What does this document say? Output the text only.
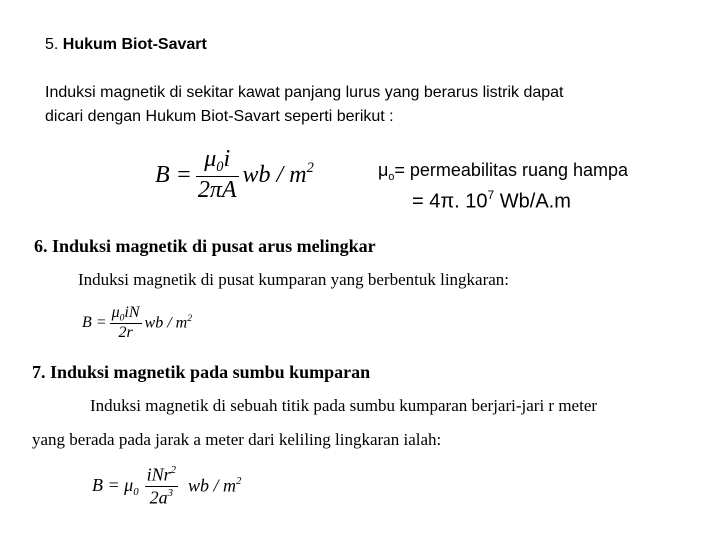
5. Hukum Biot-Savart
Induksi magnetik di sekitar kawat panjang lurus yang berarus listrik dapat
dicari dengan Hukum Biot-Savart seperti berikut :
$B = \frac{\mu_0i}{2\pi A}$ wb / $m^2$	$\mu_o=$ permeabilitas ruang hampa
= 4π. $10^7$ Wb/A.m
6. Induksi magnetik di pusat arus melingkar
Induksi magnetik di pusat kumparan yang berbentuk lingkaran:
$B = \frac{\mu_0iN}{2r}$ wb / $m^2$
7. Induksi magnetik pada sumbu kumparan
Induksi magnetik di sebuah titik pada sumbu kumparan berjari-jari r meter
yang berada pada jarak a meter dari keliling lingkaran ialah:
$B = \mu_0 \frac{iNr^2}{2a^3}$ wb / $m^2$
